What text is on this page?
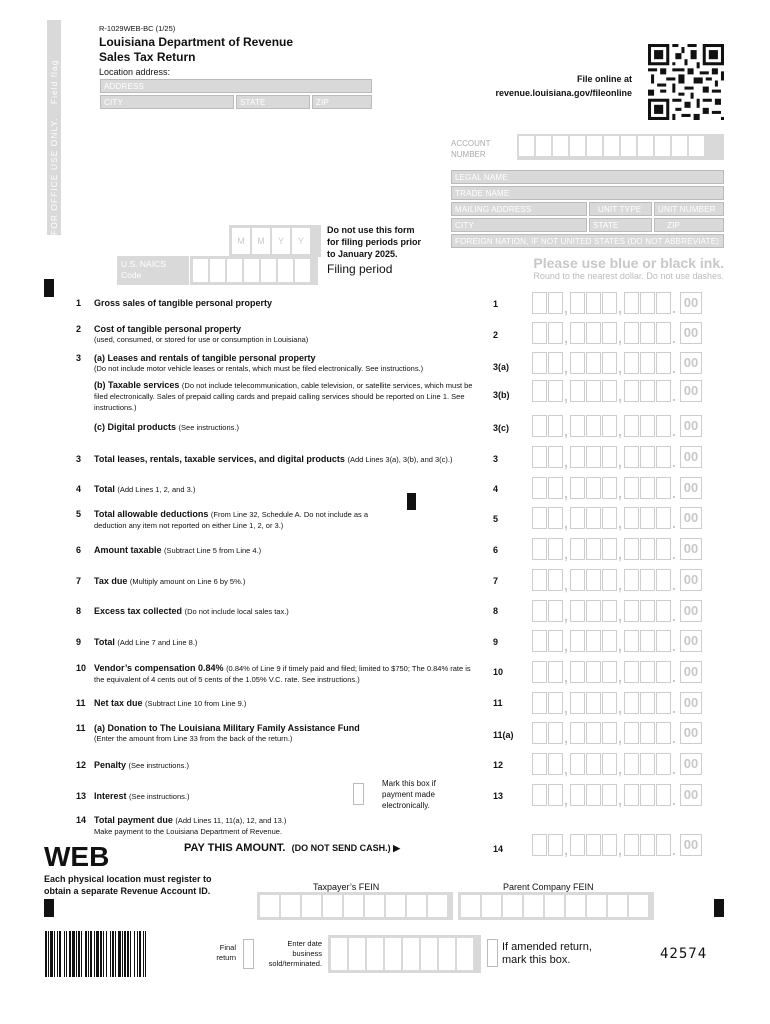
FOR OFFICE USE ONLY.    Field flag
R-1029WEB-BC (1/25)
Louisiana Department of Revenue
Sales Tax Return
Location address:
ADDRESS
CITY	STATE	ZIP
File online at
revenue.louisiana.gov/fileonline
ACCOUNT
NUMBER
LEGAL NAME
TRADE NAME
MAILING ADDRESS	UNIT TYPE UNIT NUMBER
CITY	STATE	ZIP
FOREIGN NATION, IF NOT UNITED STATES (DO NOT ABBREVIATE)
M	M	Y	Y
Do not use this form
for filing periods prior
to January 2025.
Filing period
U.S. NAICS
Code
Please use blue or black ink.
Round to the nearest dollar. Do not use dashes.
1 Gross sales of tangible personal property	1	,	,	. 00
2 Cost of tangible personal property
(used, consumed, or stored for use or consumption in Louisiana)	2	,	,	. 00
3 (a) Leases and rentals of tangible personal property
(Do not include motor vehicle leases or rentals, which must be filed electronically. See instructions.)	3(a)	,	,	. 00
(b) Taxable services (Do not include telecommunication, cable television, or satellite services, which must be filed electronically. Sales of prepaid calling cards and prepaid calling services should be reported on Line 1. See instructions.)
3(b)	,	,	. 00
(c) Digital products (See instructions.)	3(c)	,	,	. 00
3 Total leases, rentals, taxable services, and digital products (Add Lines 3(a), 3(b), and 3(c).)	3	,	,	. 00
4 Total (Add Lines 1, 2, and 3.)	4	,	,	. 00
5 Total allowable deductions (From Line 32, Schedule A. Do not include as a deduction any item not reported on either Line 1, 2, or 3.)
5	,	,	. 00
6 Amount taxable (Subtract Line 5 from Line 4.)	6	,	,	. 00
7 Tax due (Multiply amount on Line 6 by 5%.)	7	,	,	. 00
8 Excess tax collected (Do not include local sales tax.)	8	,	,	. 00
9 Total (Add Line 7 and Line 8.)	9	,	,	. 00
10 Vendor’s compensation 0.84% (0.84% of Line 9 if timely paid and filed; limited to $750; The 0.84% rate is the equivalent of 4 cents out of 5 cents of the 1.05% V.C. rate. See instructions.)
10	,	,	. 00
11 Net tax due (Subtract Line 10 from Line 9.)	11	,	,	. 00
11 (a) Donation to The Louisiana Military Family Assistance Fund
(Enter the amount from Line 33 from the back of the return.)	11(a)	,	,	. 00
12 Penalty (See instructions.)	12	,	,	. 00
13 Interest (See instructions.)	13	,	,	. 00
14 Total payment due (Add Lines 11, 11(a), 12, and 13.)
Make payment to the Louisiana Department of Revenue.
14	,	,	. 00
Mark this box if
payment made
electronically.
WEB	PAY THIS AMOUNT. (DO NOT SEND CASH.) ▶
Each physical location must register to
obtain a separate Revenue Account ID.	Taxpayer’s FEIN	Parent Company FEIN
Final
return
Enter date
business
sold/terminated.
If amended return,
mark this box.	42574
